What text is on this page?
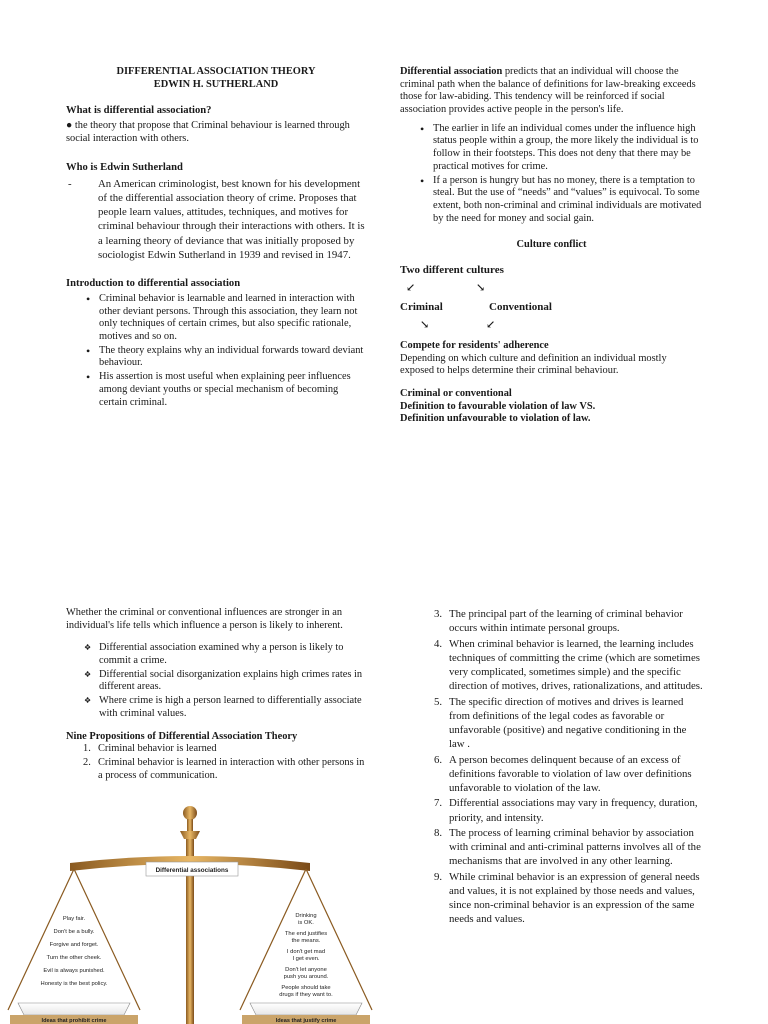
DIFFERENTIAL ASSOCIATION THEORY

EDWIN H. SUTHERLAND

What is differential association?

● the theory that propose that Criminal behaviour is learned through social interaction with others.

Who is Edwin Sutherland

- An American criminologist, best known for his development of the differential association theory of crime. Proposes that people learn values, attitudes, techniques, and motives for criminal behaviour through their interactions with others. It is a learning theory of deviance that was initially proposed by sociologist Edwin Sutherland in 1939 and revised in 1947.

Introduction to differential association

• Criminal behavior is learnable and learned in interaction with other deviant persons. Through this association, they learn not only techniques of certain crimes, but also specific rationale, motives and so on.
• The theory explains why an individual forwards toward deviant behaviour.
• His assertion is most useful when explaining peer influences among deviant youths or special mechanism of becoming certain criminal.

Differential association predicts that an individual will choose the criminal path when the balance of definitions for law-breaking exceeds those for law-abiding. This tendency will be reinforced if social association provides active people in the person's life.

• The earlier in life an individual comes under the influence high status people within a group, the more likely the individual is to follow in their footsteps. This does not deny that there may be practical motives for crime.
• If a person is hungry but has no money, there is a temptation to steal. But the use of “needs” and “values” is equivocal. To some extent, both non-criminal and criminal individuals are motivated by the need for money and social gain.

Culture conflict

Two different cultures
↙	↘
Criminal	Conventional
↘	↙

Compete for residents' adherence

Depending on which culture and definition an individual mostly exposed to helps determine their criminal behaviour.

Criminal or conventional

Definition to favourable violation of law VS.

Definition unfavourable to violation of law.

Whether the criminal or conventional influences are stronger in an individual's life tells which influence a person is likely to inherent.

❖ Differential association examined why a person is likely to commit a crime.
❖ Differential social disorganization explains high crimes rates in different areas.
❖ Where crime is high a person learned to differentially associate with criminal values.

Nine Propositions of Differential Association Theory

1. Criminal behavior is learned
2. Criminal behavior is learned in interaction with other persons in a process of communication.
Differential associations
Ideas that prohibit crime
Play fair.
Don't be a bully.
Forgive and forget.
Turn the other cheek.
Evil is always punished.
Honesty is the best policy.
Ideas that justify crime
Drinking
is OK.
The end justifies
the means.
I don't get mad
I get even.
Don't let anyone
push you around.
People should take
drugs if they want to.
3. The principal part of the learning of criminal behavior occurs within intimate personal groups.
4. When criminal behavior is learned, the learning includes techniques of committing the crime (which are sometimes very complicated, sometimes simple) and the specific direction of motives, drives, rationalizations, and attitudes.
5. The specific direction of motives and drives is learned from definitions of the legal codes as favorable or unfavorable (positive) and negative conditioning in the law .
6. A person becomes delinquent because of an excess of definitions favorable to violation of law over definitions unfavorable to violation of the law.
7. Differential associations may vary in frequency, duration, priority, and intensity.
8. The process of learning criminal behavior by association with criminal and anti-criminal patterns involves all of the mechanisms that are involved in any other learning.
9. While criminal behavior is an expression of general needs and values, it is not explained by those needs and values, since non-criminal behavior is an expression of the same needs and values.
